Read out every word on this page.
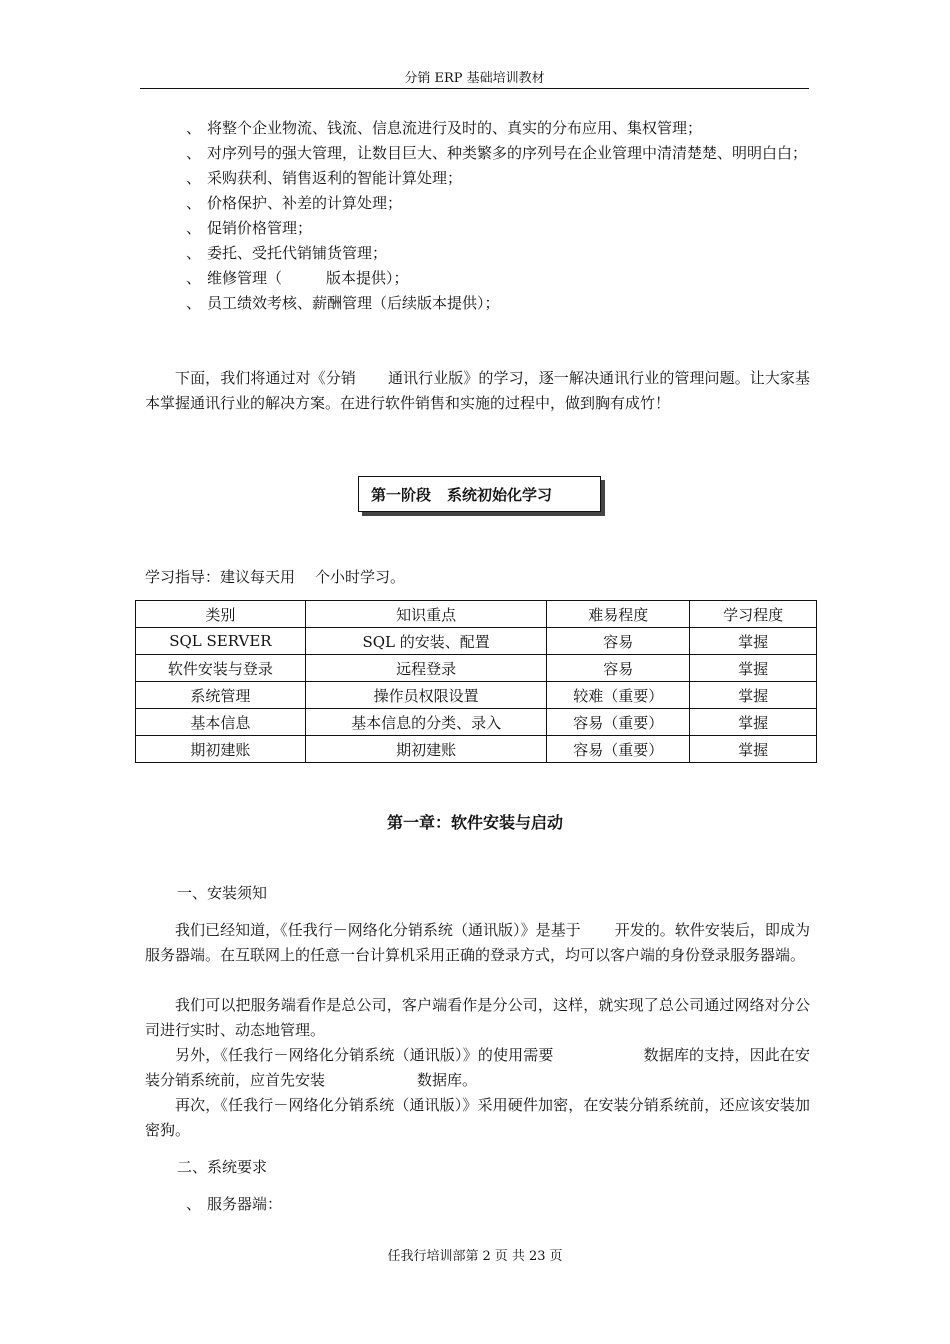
分销 ERP 基础培训教材
、 将整个企业物流、钱流、信息流进行及时的、真实的分布应用、集权管理；
、 对序列号的强大管理，让数目巨大、种类繁多的序列号在企业管理中清清楚楚、明明白白；
、 采购获利、销售返利的智能计算处理；
、 价格保护、补差的计算处理；
、 促销价格管理；
、 委托、受托代销铺货管理；
、 维修管理（	版本提供）；
、 员工绩效考核、薪酬管理（后续版本提供）；
下面，我们将通过对《分销 通讯行业版》的学习，逐一解决通讯行业的管理问题。让大家基本掌握通讯行业的解决方案。在进行软件销售和实施的过程中，做到胸有成竹！
第一阶段 系统初始化学习
学习指导：建议每天用 个小时学习。
类别	知识重点	难易程度	学习程度
SQL SERVER	SQL 的安装、配置	容易	掌握
软件安装与登录	远程登录	容易	掌握
系统管理	操作员权限设置	较难（重要）	掌握
基本信息	基本信息的分类、录入	容易（重要）	掌握
期初建账	期初建账	容易（重要）	掌握
第一章：软件安装与启动
一、安装须知
我们已经知道，《任我行－网络化分销系统（通讯版）》是基于 开发的。软件安装后，即成为服务器端。在互联网上的任意一台计算机采用正确的登录方式，均可以客户端的身份登录服务器端。
我们可以把服务端看作是总公司，客户端看作是分公司，这样，就实现了总公司通过网络对分公司进行实时、动态地管理。
另外，《任我行－网络化分销系统（通讯版）》的使用需要	数据库的支持，因此在安装分销系统前，应首先安装	数据库。
再次，《任我行－网络化分销系统（通讯版）》采用硬件加密，在安装分销系统前，还应该安装加密狗。
二、系统要求
、 服务器端：
任我行培训部第 2 页 共 23 页
